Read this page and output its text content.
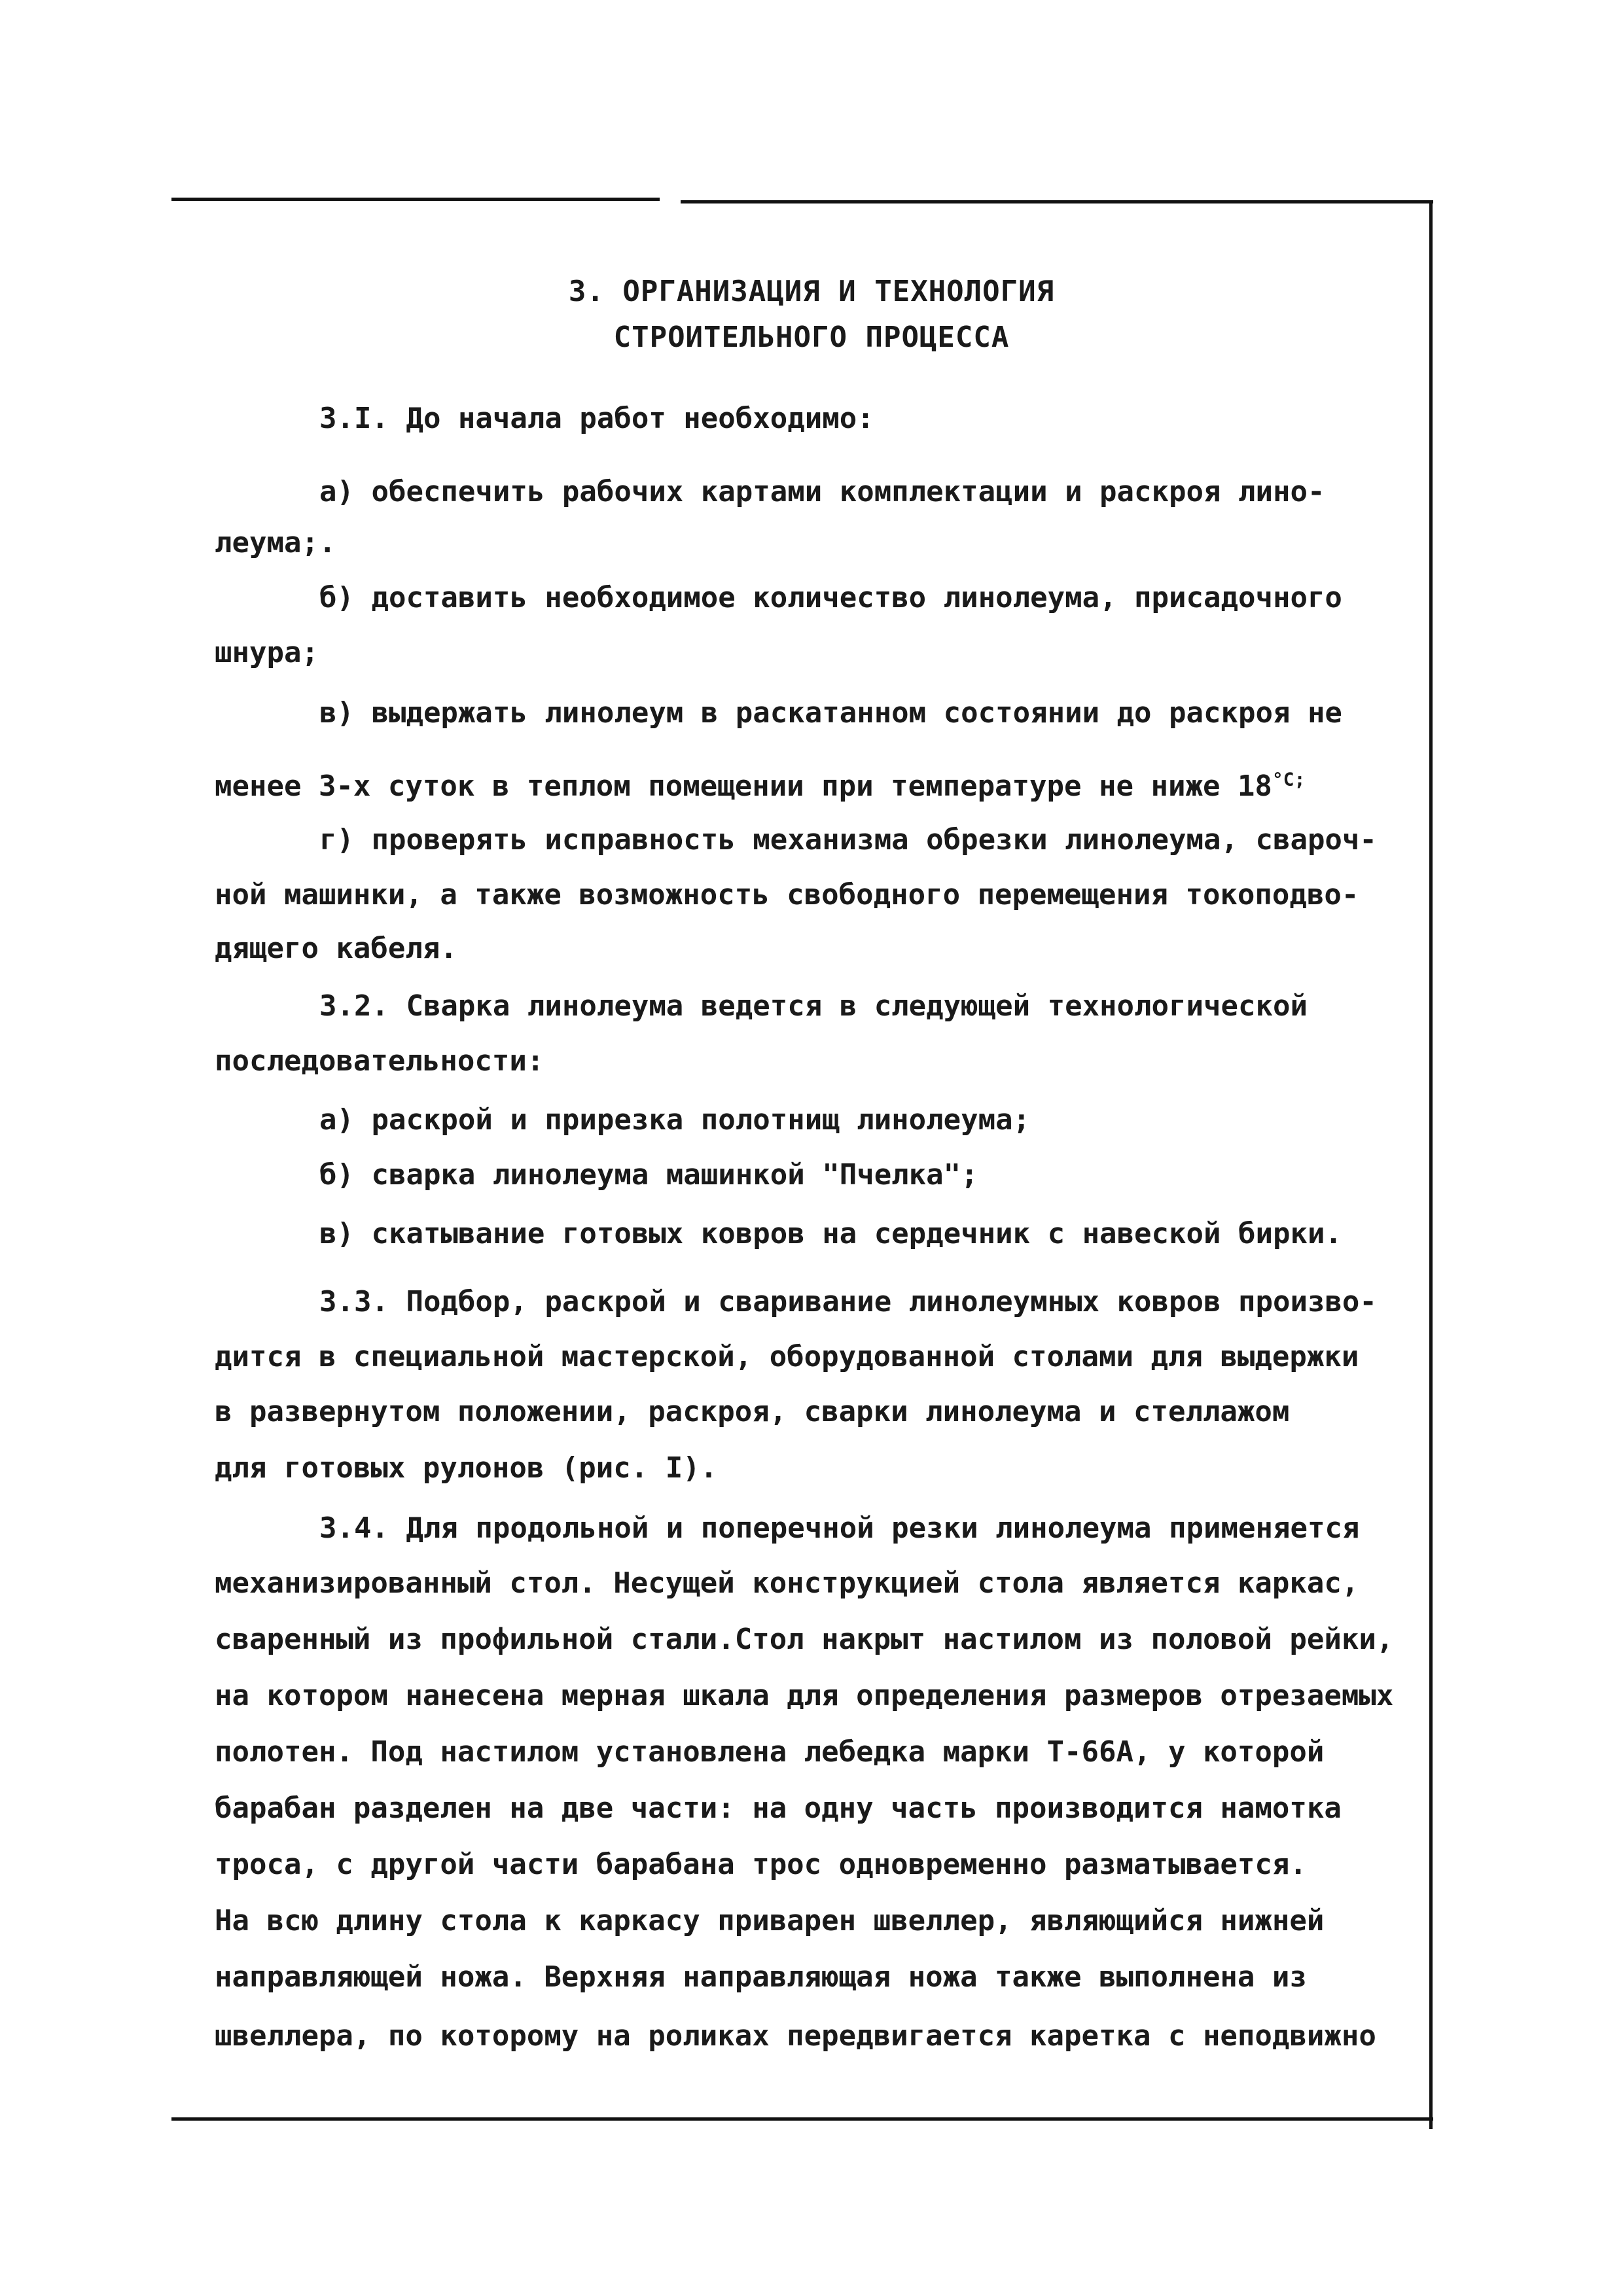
3. ОРГАНИЗАЦИЯ И ТЕХНОЛОГИЯ
СТРОИТЕЛЬНОГО ПРОЦЕССА
3.I. До начала работ необходимо:
а) обеспечить рабочих картами комплектации и раскроя лино-
леума;.
б) доставить необходимое количество линолеума, присадочного
шнура;
в) выдержать линолеум в раскатанном состоянии до раскроя не
менее 3-х суток в теплом помещении при температуре не ниже $18^{^\circ C;}$
г) проверять исправность механизма обрезки линолеума, свароч-
ной машинки, а также возможность свободного перемещения токоподво-
дящего кабеля.
3.2. Сварка линолеума ведется в следующей технологической
последовательности:
а) раскрой и прирезка полотнищ линолеума;
б) сварка линолеума машинкой "Пчелка";
в) скатывание готовых ковров на сердечник с навеской бирки.
3.3. Подбор, раскрой и сваривание линолеумных ковров произво-
дится в специальной мастерской, оборудованной столами для выдержки
в развернутом положении, раскроя, сварки линолеума и стеллажом
для готовых рулонов (рис. I).
3.4. Для продольной и поперечной резки линолеума применяется
механизированный стол. Несущей конструкцией стола является каркас,
сваренный из профильной стали.Стол накрыт настилом из половой рейки,
на котором нанесена мерная шкала для определения размеров отрезаемых
полотен. Под настилом установлена лебедка марки Т-66А, у которой
барабан разделен на две части: на одну часть производится намотка
троса, с другой части барабана трос одновременно разматывается.
На всю длину стола к каркасу приварен швеллер, являющийся нижней
направляющей ножа. Верхняя направляющая ножа также выполнена из
швеллера, по которому на роликах передвигается каретка с неподвижно
